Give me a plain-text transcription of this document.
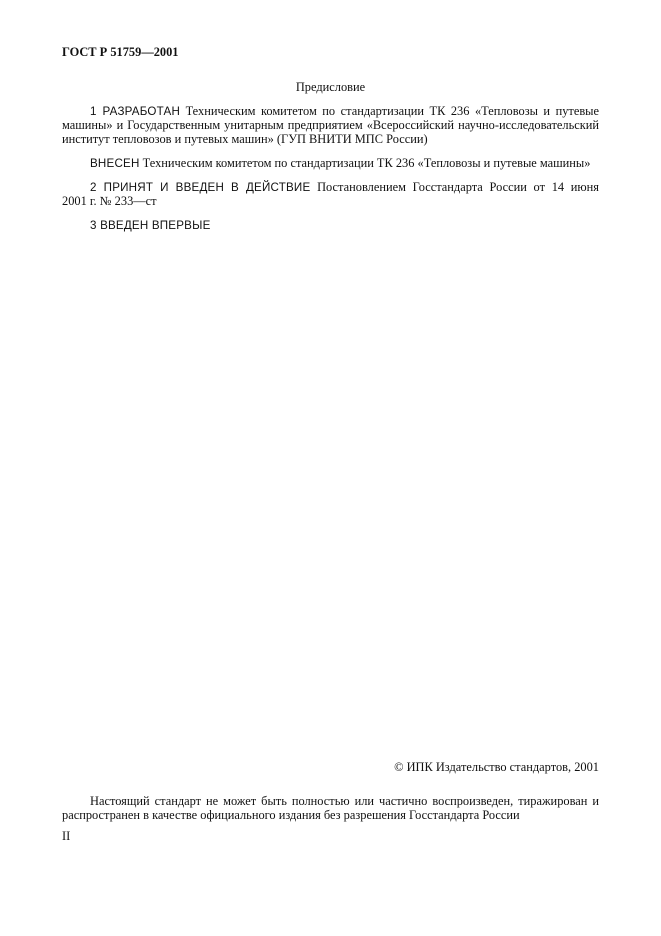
ГОСТ Р 51759—2001
Предисловие
1 РАЗРАБОТАН Техническим комитетом по стандартизации ТК 236 «Тепловозы и путевые
машины» и Государственным унитарным предприятием «Всероссийский научно-исследовательский
институт тепловозов и путевых машин» (ГУП ВНИТИ МПС России)
ВНЕСЕН Техническим комитетом по стандартизации ТК 236 «Тепловозы и путевые машины»
2 ПРИНЯТ И ВВЕДЕН В ДЕЙСТВИЕ Постановлением Госстандарта России от 14 июня
2001 г. № 233—ст
3 ВВЕДЕН ВПЕРВЫЕ
© ИПК Издательство стандартов, 2001
Настоящий стандарт не может быть полностью или частично воспроизведен, тиражирован и
распространен в качестве официального издания без разрешения Госстандарта России
II
